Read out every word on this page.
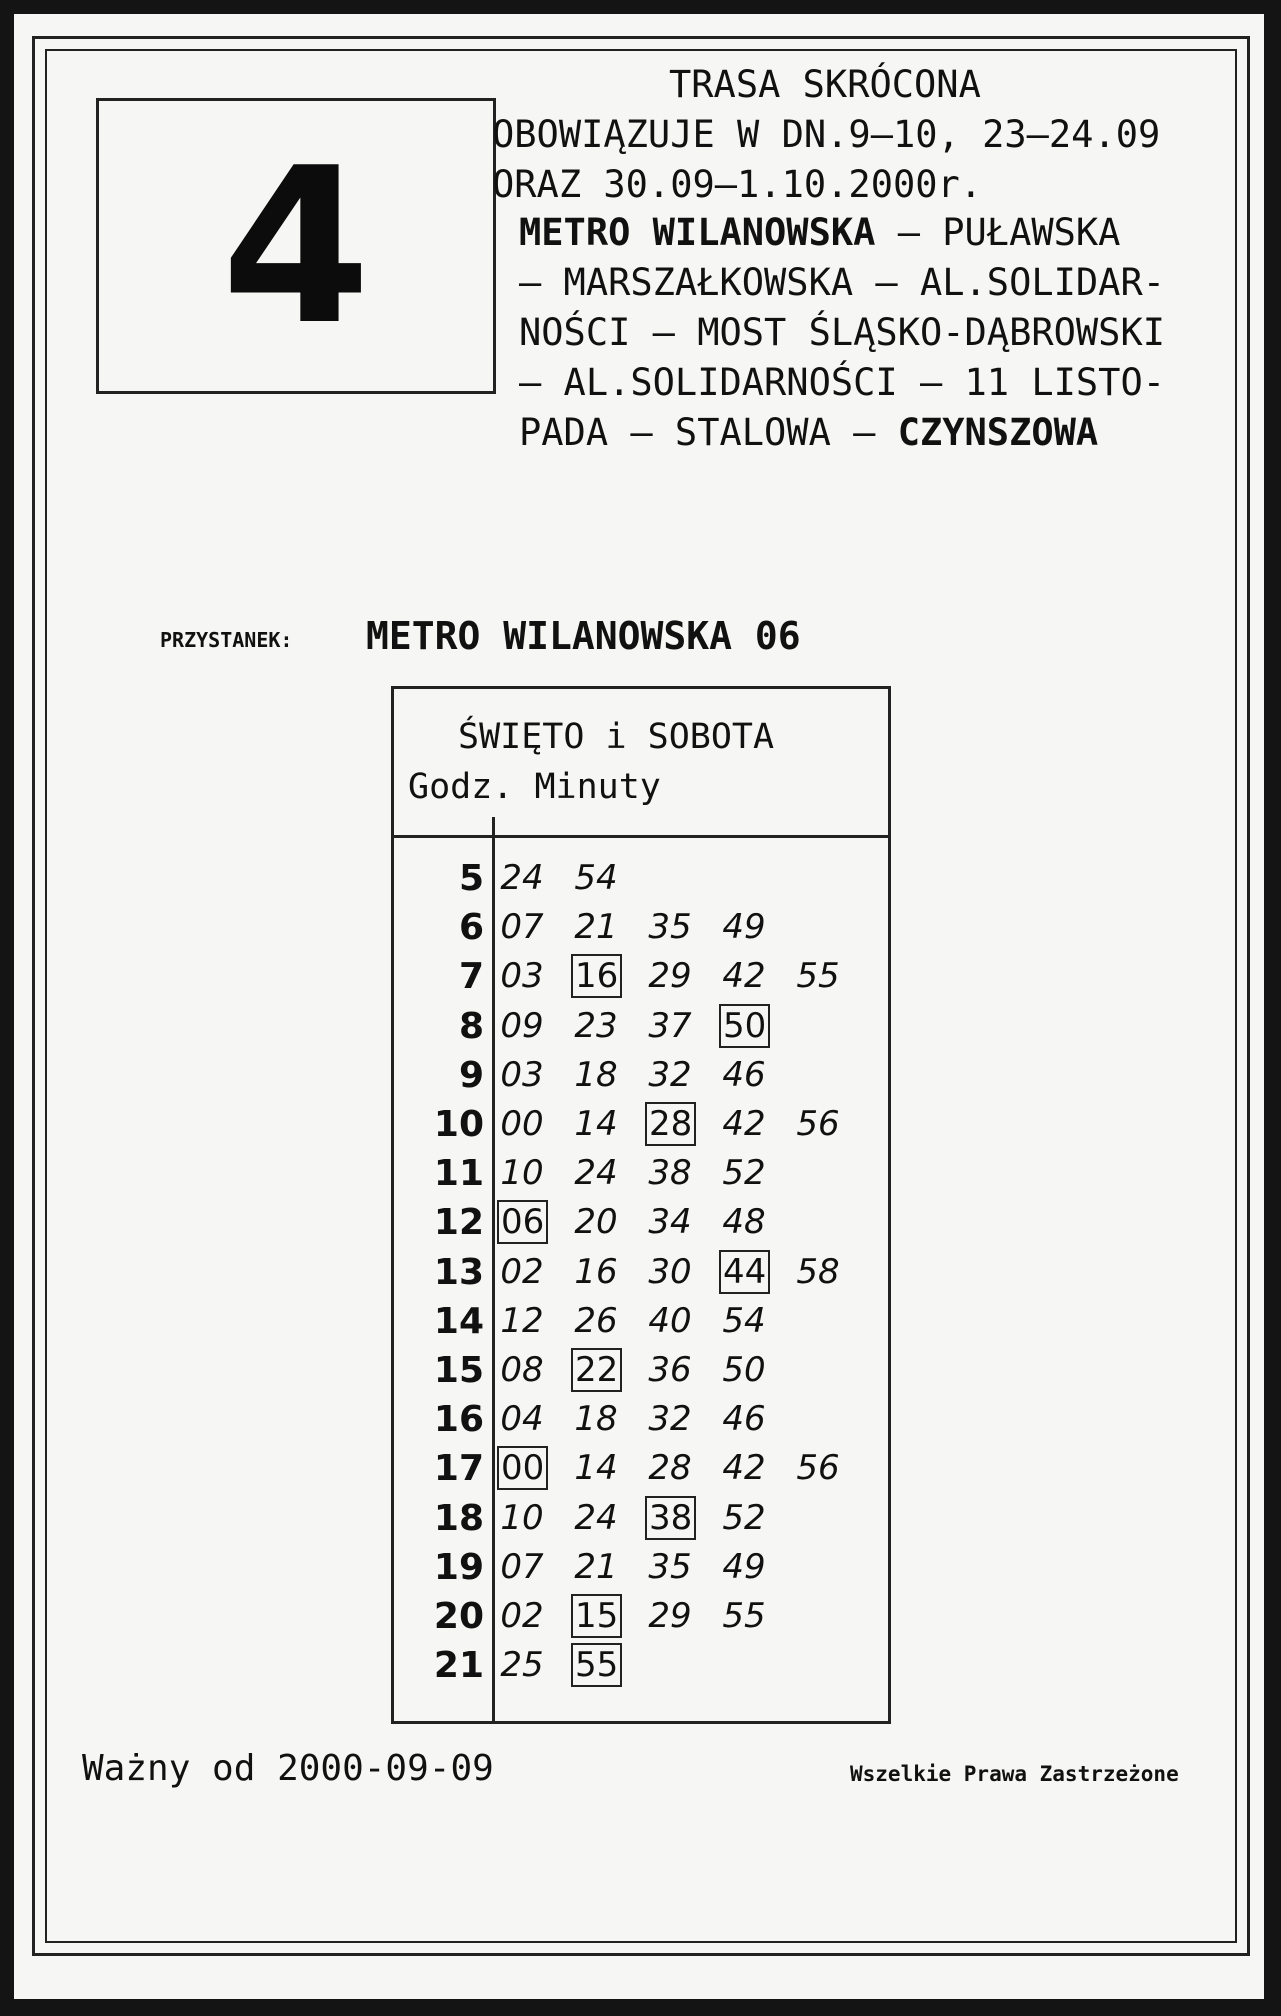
4
TRASA SKRÓCONA
OBOWIĄZUJE W DN.9–10, 23–24.09
ORAZ 30.09–1.10.2000r.
METRO WILANOWSKA – PUŁAWSKA
– MARSZAŁKOWSKA – AL.SOLIDAR-
NOŚCI – MOST ŚLĄSKO-DĄBROWSKI
– AL.SOLIDARNOŚCI – 11 LISTO-
PADA – STALOWA – CZYNSZOWA
PRZYSTANEK: METRO WILANOWSKA 06
ŚWIĘTO i SOBOTA
Godz. Minuty
5 24 54
6 07 21 35 49
7 03 16 29 42 55
8 09 23 37 50
9 03 18 32 46
10 00 14 28 42 56
11 10 24 38 52
12 06 20 34 48
13 02 16 30 44 58
14 12 26 40 54
15 08 22 36 50
16 04 18 32 46
17 00 14 28 42 56
18 10 24 38 52
19 07 21 35 49
20 02 15 29 55
21 25 55
Ważny od 2000-09-09	Wszelkie Prawa Zastrzeżone
